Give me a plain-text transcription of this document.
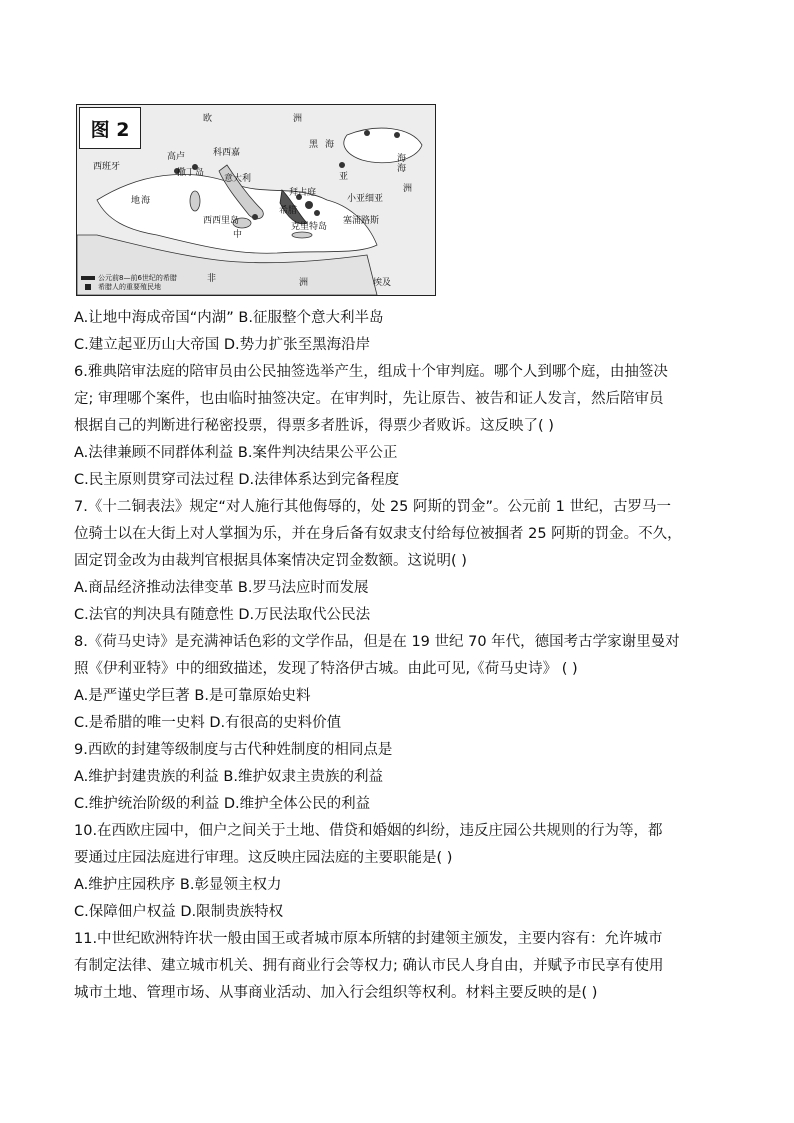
图 2	欧	洲
西班牙
高卢	科西嘉
撒丁岛
意大利
地 海
黑 海
海
海
亚
洲
小亚细亚
拜占庭
希腊
西西里岛
克里特岛
塞浦路斯
中
非	洲	埃及
公元前8—前6世纪的希腊
希腊人的重要殖民地
A.让地中海成帝国“内湖” B.征服整个意大利半岛
C.建立起亚历山大帝国 D.势力扩张至黑海沿岸
6.雅典陪审法庭的陪审员由公民抽签选举产生，组成十个审判庭。哪个人到哪个庭，由抽签决
定; 审理哪个案件，也由临时抽签决定。在审判时，先让原告、被告和证人发言，然后陪审员
根据自己的判断进行秘密投票，得票多者胜诉，得票少者败诉。这反映了( )
A.法律兼顾不同群体利益 B.案件判决结果公平公正
C.民主原则贯穿司法过程 D.法律体系达到完备程度
7.《十二铜表法》规定“对人施行其他侮辱的，处 25 阿斯的罚金”。公元前 1 世纪，古罗马一
位骑士以在大街上对人掌掴为乐，并在身后备有奴隶支付给每位被掴者 25 阿斯的罚金。不久，
固定罚金改为由裁判官根据具体案情决定罚金数额。这说明( )
A.商品经济推动法律变革 B.罗马法应时而发展
C.法官的判决具有随意性 D.万民法取代公民法
8.《荷马史诗》是充满神话色彩的文学作品，但是在 19 世纪 70 年代，德国考古学家谢里曼对
照《伊利亚特》中的细致描述，发现了特洛伊古城。由此可见,《荷马史诗》 ( )
A.是严谨史学巨著 B.是可靠原始史料
C.是希腊的唯一史料 D.有很高的史料价值
9.西欧的封建等级制度与古代种姓制度的相同点是
A.维护封建贵族的利益 B.维护奴隶主贵族的利益
C.维护统治阶级的利益 D.维护全体公民的利益
10.在西欧庄园中，佃户之间关于土地、借贷和婚姻的纠纷，违反庄园公共规则的行为等，都
要通过庄园法庭进行审理。这反映庄园法庭的主要职能是( )
A.维护庄园秩序 B.彰显领主权力
C.保障佃户权益 D.限制贵族特权
11.中世纪欧洲特许状一般由国王或者城市原本所辖的封建领主颁发，主要内容有：允许城市
有制定法律、建立城市机关、拥有商业行会等权力; 确认市民人身自由，并赋予市民享有使用
城市土地、管理市场、从事商业活动、加入行会组织等权利。材料主要反映的是( )
